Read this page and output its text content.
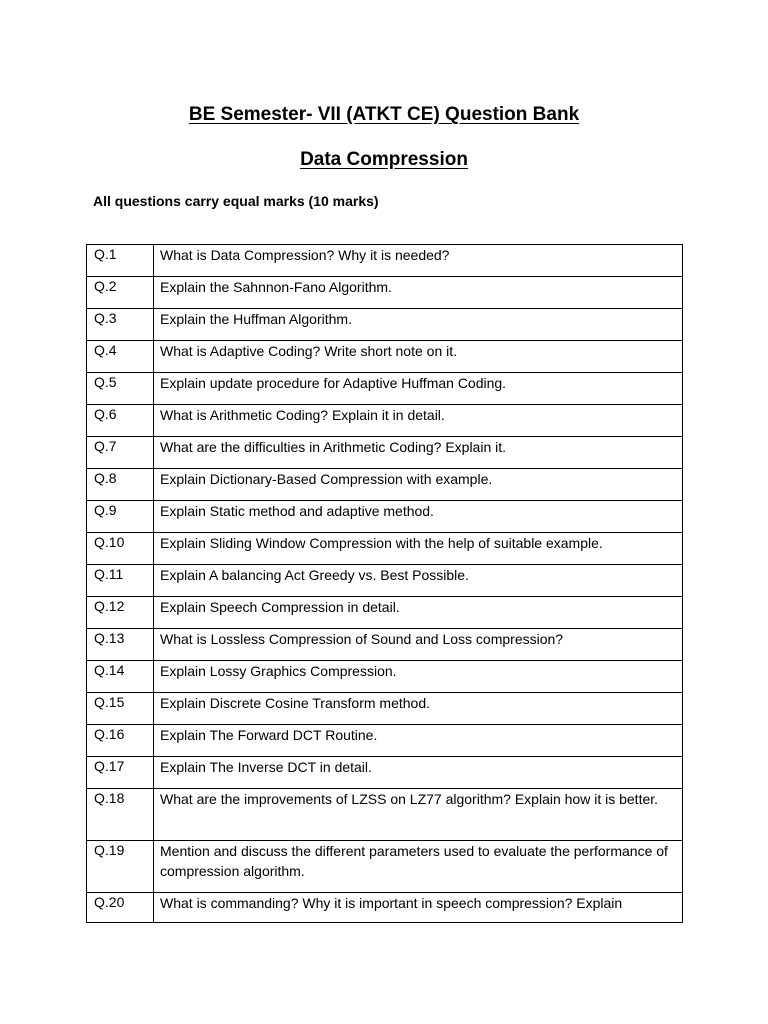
BE Semester- VII (ATKT CE) Question Bank
Data Compression

All questions carry equal marks (10 marks)

Q.1	What is Data Compression? Why it is needed?

Q.2	Explain the Sahnnon-Fano Algorithm.

Q.3	Explain the Huffman Algorithm.

Q.4	What is Adaptive Coding? Write short note on it.

Q.5	Explain update procedure for Adaptive Huffman Coding.

Q.6	What is Arithmetic Coding? Explain it in detail.

Q.7	What are the difficulties in Arithmetic Coding? Explain it.

Q.8	Explain Dictionary-Based Compression with example.

Q.9	Explain Static method and adaptive method.

Q.10	Explain Sliding Window Compression with the help of suitable example.

Q.11	Explain A balancing Act Greedy vs. Best Possible.

Q.12	Explain Speech Compression in detail.

Q.13	What is Lossless Compression of Sound and Loss compression?

Q.14	Explain Lossy Graphics Compression.

Q.15	Explain Discrete Cosine Transform method.

Q.16	Explain The Forward DCT Routine.

Q.17	Explain The Inverse DCT in detail.

Q.18	What are the improvements of LZSS on LZ77 algorithm? Explain how it is better.

Q.19	Mention and discuss the different parameters used to evaluate the performance of compression algorithm.

Q.20	What is commanding? Why it is important in speech compression? Explain
